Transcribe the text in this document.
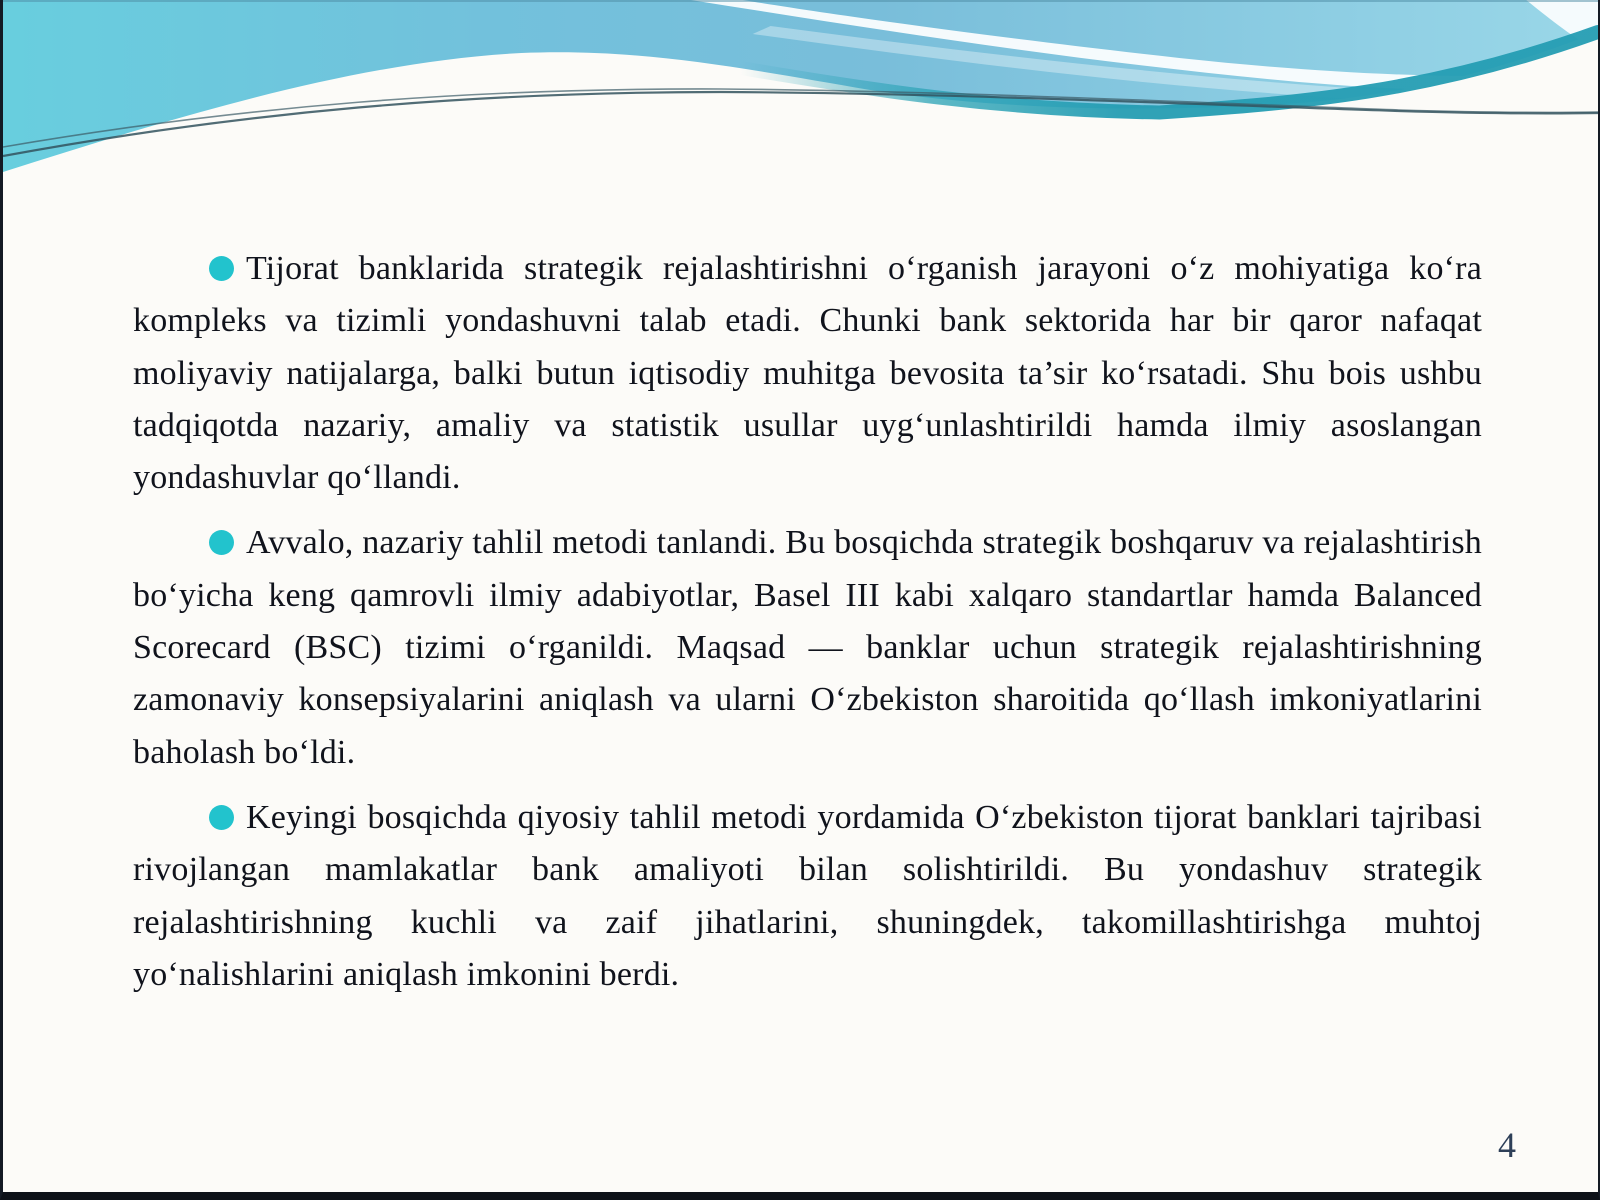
Tijorat banklarida strategik rejalashtirishni o‘rganish jarayoni o‘z mohiyatiga ko‘ra kompleks va tizimli yondashuvni talab etadi. Chunki bank sektorida har bir qaror nafaqat moliyaviy natijalarga, balki butun iqtisodiy muhitga bevosita ta’sir ko‘rsatadi. Shu bois ushbu tadqiqotda nazariy, amaliy va statistik usullar uyg‘unlashtirildi hamda ilmiy asoslangan yondashuvlar qo‘llandi.

Avvalo, nazariy tahlil metodi tanlandi. Bu bosqichda strategik boshqaruv va rejalashtirish bo‘yicha keng qamrovli ilmiy adabiyotlar, Basel III kabi xalqaro standartlar hamda Balanced Scorecard (BSC) tizimi o‘rganildi. Maqsad — banklar uchun strategik rejalashtirishning zamonaviy konsepsiyalarini aniqlash va ularni O‘zbekiston sharoitida qo‘llash imkoniyatlarini baholash bo‘ldi.

Keyingi bosqichda qiyosiy tahlil metodi yordamida O‘zbekiston tijorat banklari tajribasi rivojlangan mamlakatlar bank amaliyoti bilan solishtirildi. Bu yondashuv strategik rejalashtirishning kuchli va zaif jihatlarini, shuningdek, takomillashtirishga muhtoj yo‘nalishlarini aniqlash imkonini berdi.

4
